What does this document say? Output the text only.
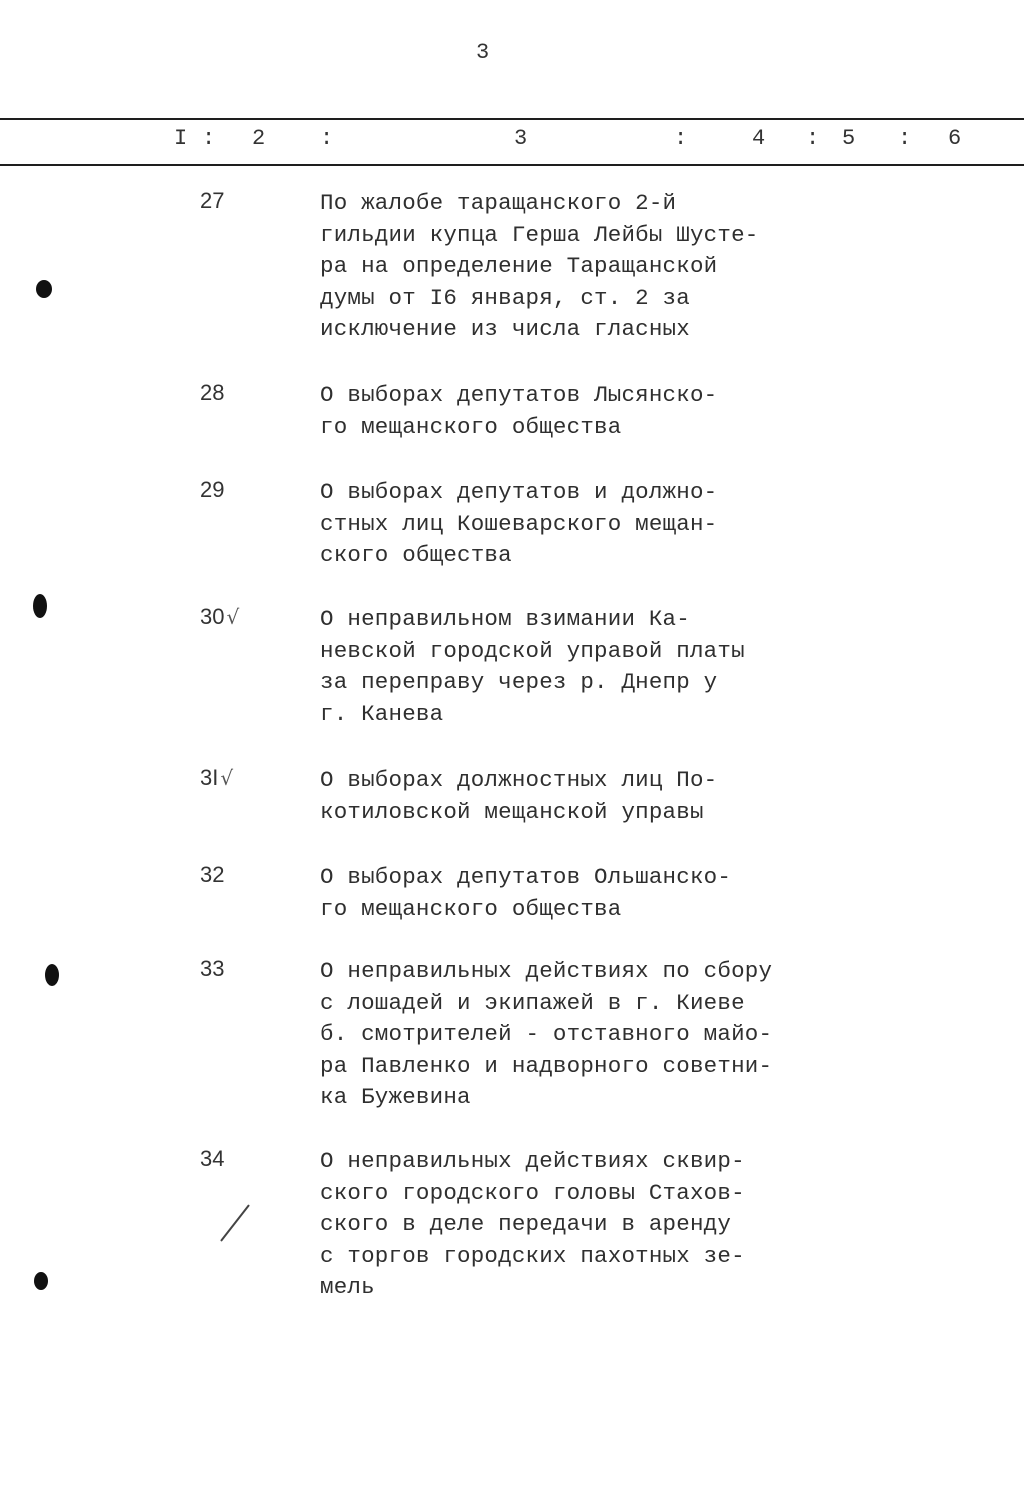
3
I : 2 :	3	:	4 : 5 : 6
27	По жалобе таращанского 2-й
гильдии купца Герша Лейбы Шусте-
ра на определение Таращанской
думы от I6 января, ст. 2 за
исключение из числа гласных
28	О выборах депутатов Лысянско-
го мещанского общества
29	О выборах депутатов и должно-
стных лиц Кошеварского мещан-
ского общества
30 √	О неправильном взимании Ка-
невской городской управой платы
за переправу через р. Днепр у
г. Канева
3I √	О выборах должностных лиц По-
котиловской мещанской управы
32	О выборах депутатов Ольшанско-
го мещанского общества
33	О неправильных действиях по сбору
с лошадей и экипажей в г. Киеве
б. смотрителей - отставного майо-
ра Павленко и надворного советни-
ка Бужевина
34	О неправильных действиях сквир-
ского городского головы Стахов-
ского в деле передачи в аренду
с торгов городских пахотных зе-
мель
